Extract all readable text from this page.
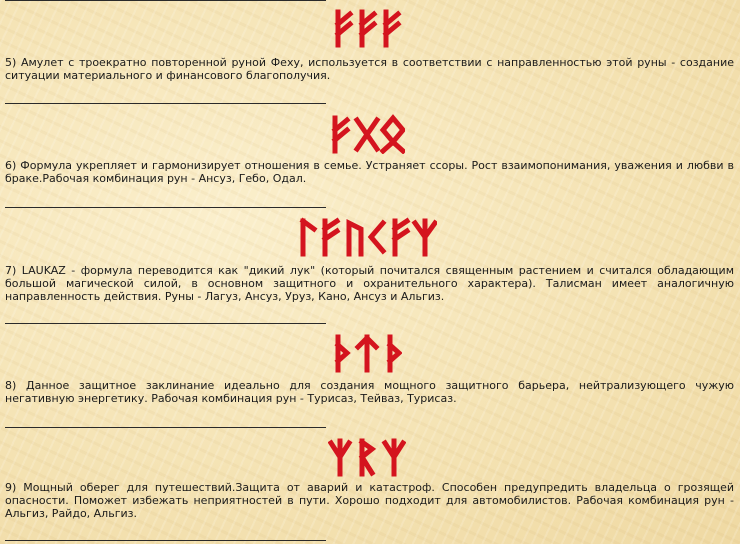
5) Амулет с троекратно повторенной руной Феху, используется в соответствии с направленностью этой руны - создание
ситуации материального и финансового благополучия.
6) Формула укрепляет и гармонизирует отношения в семье. Устраняет ссоры. Рост взаимопонимания, уважения и любви в
браке.Рабочая комбинация рун - Ансуз, Гебо, Одал.
7) LAUKAZ - формула переводится как "дикий лук" (который почитался священным растением и считался обладающим
большой магической силой, в основном защитного и охранительного характера). Талисман имеет аналогичную
направленность действия. Руны - Лагуз, Ансуз, Уруз, Кано, Ансуз и Альгиз.
8) Данное защитное заклинание идеально для создания мощного защитного барьера, нейтрализующего чужую
негативную энергетику. Рабочая комбинация рун - Турисаз, Тейваз, Турисаз.
9) Мощный оберег для путешествий.Защита от аварий и катастроф. Способен предупредить владельца о грозящей
опасности. Поможет избежать неприятностей в пути. Хорошо подходит для автомобилистов. Рабочая комбинация рун -
Альгиз, Райдо, Альгиз.
